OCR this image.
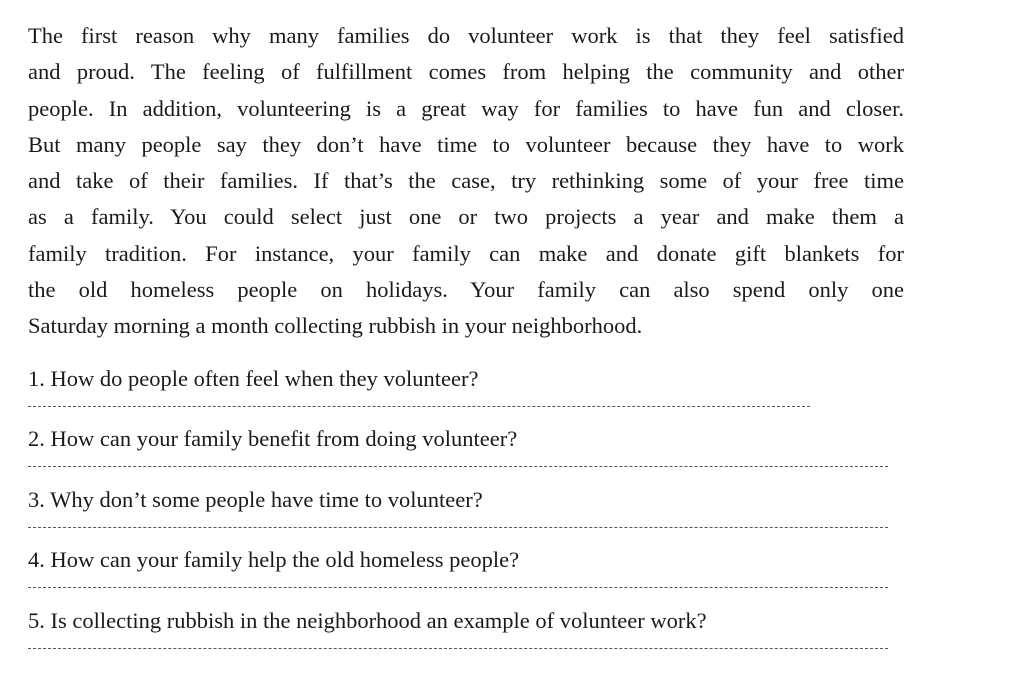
The first reason why many families do volunteer work is that they feel satisfied
and proud. The feeling of fulfillment comes from helping the community and other
people. In addition, volunteering is a great way for families to have fun and closer.
But many people say they don’t have time to volunteer because they have to work
and take of their families. If that’s the case, try rethinking some of your free time
as a family. You could select just one or two projects a year and make them a
family tradition. For instance, your family can make and donate gift blankets for
the old homeless people on holidays. Your family can also spend only one
Saturday morning a month collecting rubbish in your neighborhood.

1. How do people often feel when they volunteer?
2. How can your family benefit from doing volunteer?
3. Why don’t some people have time to volunteer?
4. How can your family help the old homeless people?
5. Is collecting rubbish in the neighborhood an example of volunteer work?
